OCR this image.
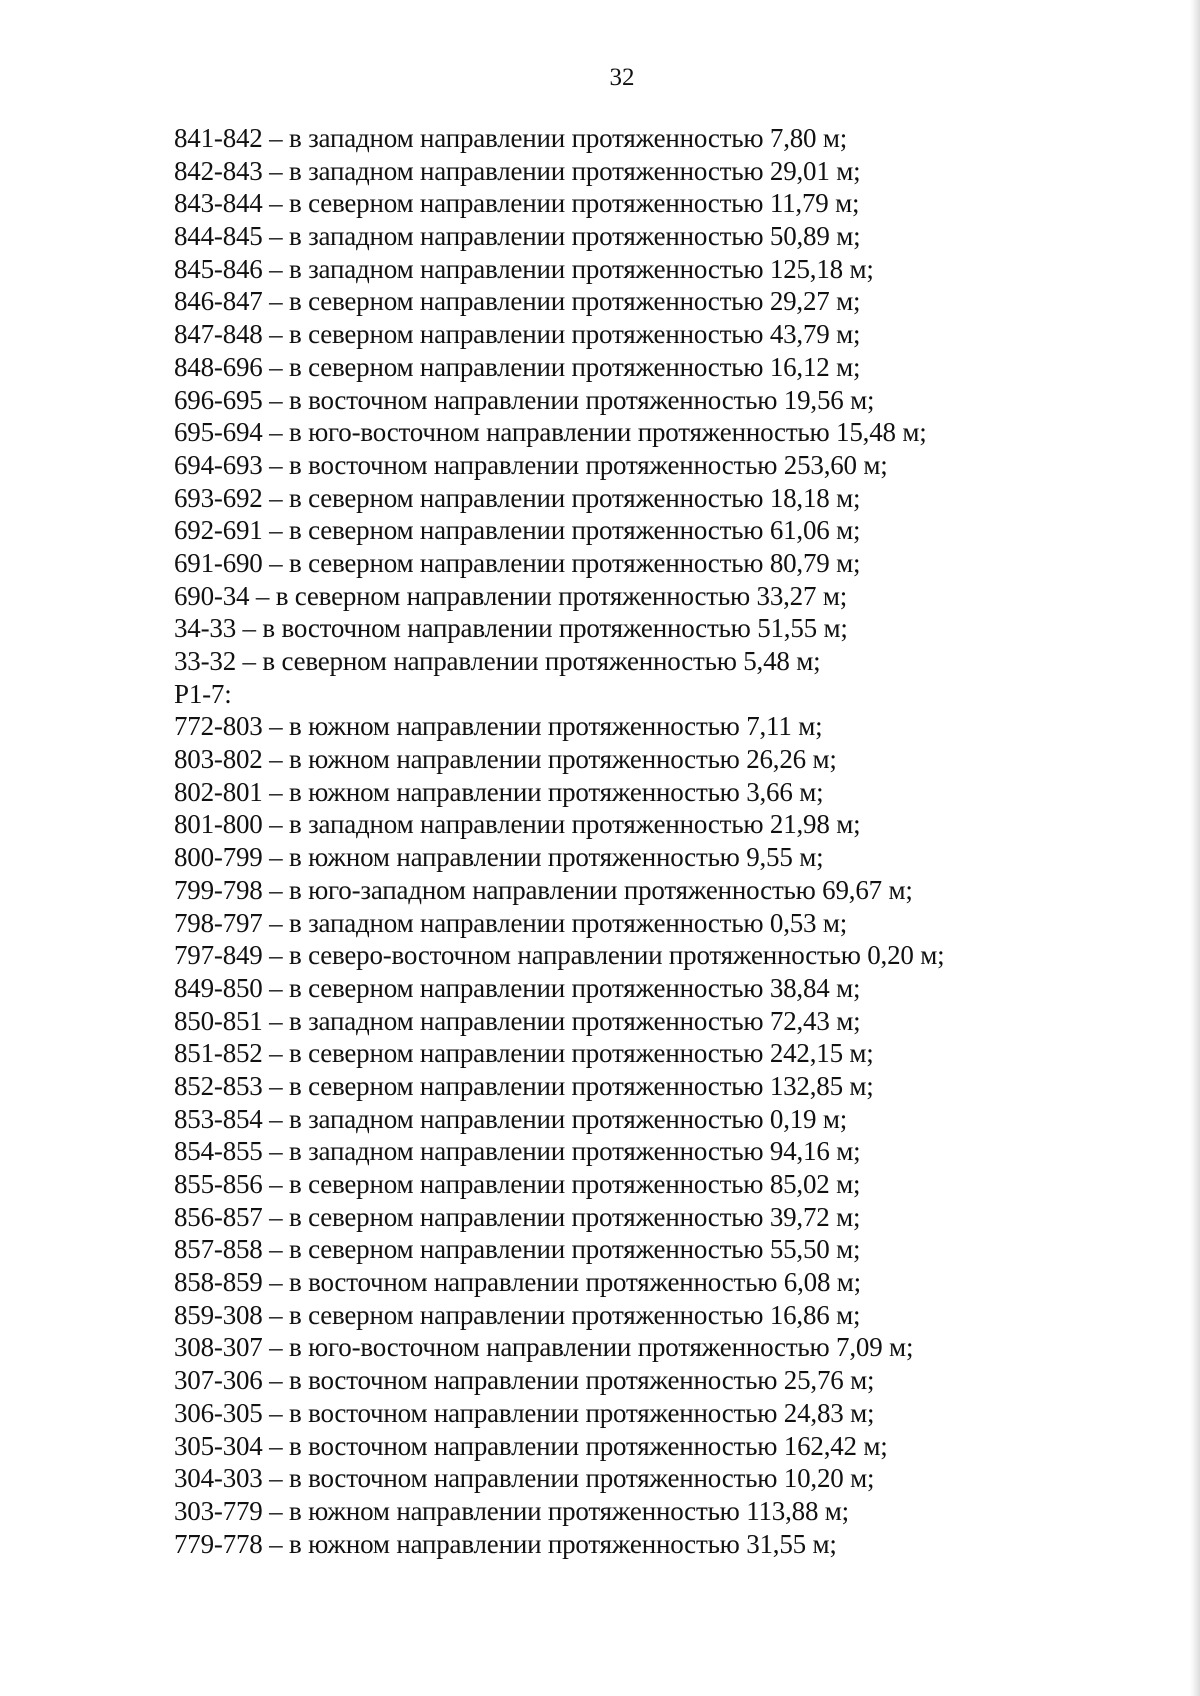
32
841-842 – в западном направлении протяженностью 7,80 м;
842-843 – в западном направлении протяженностью 29,01 м;
843-844 – в северном направлении протяженностью 11,79 м;
844-845 – в западном направлении протяженностью 50,89 м;
845-846 – в западном направлении протяженностью 125,18 м;
846-847 – в северном направлении протяженностью 29,27 м;
847-848 – в северном направлении протяженностью 43,79 м;
848-696 – в северном направлении протяженностью 16,12 м;
696-695 – в восточном направлении протяженностью 19,56 м;
695-694 – в юго-восточном направлении протяженностью 15,48 м;
694-693 – в восточном направлении протяженностью 253,60 м;
693-692 – в северном направлении протяженностью 18,18 м;
692-691 – в северном направлении протяженностью 61,06 м;
691-690 – в северном направлении протяженностью 80,79 м;
690-34 – в северном направлении протяженностью 33,27 м;
34-33 – в восточном направлении протяженностью 51,55 м;
33-32 – в северном направлении протяженностью 5,48 м;
Р1-7:
772-803 – в южном направлении протяженностью 7,11 м;
803-802 – в южном направлении протяженностью 26,26 м;
802-801 – в южном направлении протяженностью 3,66 м;
801-800 – в западном направлении протяженностью 21,98 м;
800-799 – в южном направлении протяженностью 9,55 м;
799-798 – в юго-западном направлении протяженностью 69,67 м;
798-797 – в западном направлении протяженностью 0,53 м;
797-849 – в северо-восточном направлении протяженностью 0,20 м;
849-850 – в северном направлении протяженностью 38,84 м;
850-851 – в западном направлении протяженностью 72,43 м;
851-852 – в северном направлении протяженностью 242,15 м;
852-853 – в северном направлении протяженностью 132,85 м;
853-854 – в западном направлении протяженностью 0,19 м;
854-855 – в западном направлении протяженностью 94,16 м;
855-856 – в северном направлении протяженностью 85,02 м;
856-857 – в северном направлении протяженностью 39,72 м;
857-858 – в северном направлении протяженностью 55,50 м;
858-859 – в восточном направлении протяженностью 6,08 м;
859-308 – в северном направлении протяженностью 16,86 м;
308-307 – в юго-восточном направлении протяженностью 7,09 м;
307-306 – в восточном направлении протяженностью 25,76 м;
306-305 – в восточном направлении протяженностью 24,83 м;
305-304 – в восточном направлении протяженностью 162,42 м;
304-303 – в восточном направлении протяженностью 10,20 м;
303-779 – в южном направлении протяженностью 113,88 м;
779-778 – в южном направлении протяженностью 31,55 м;
